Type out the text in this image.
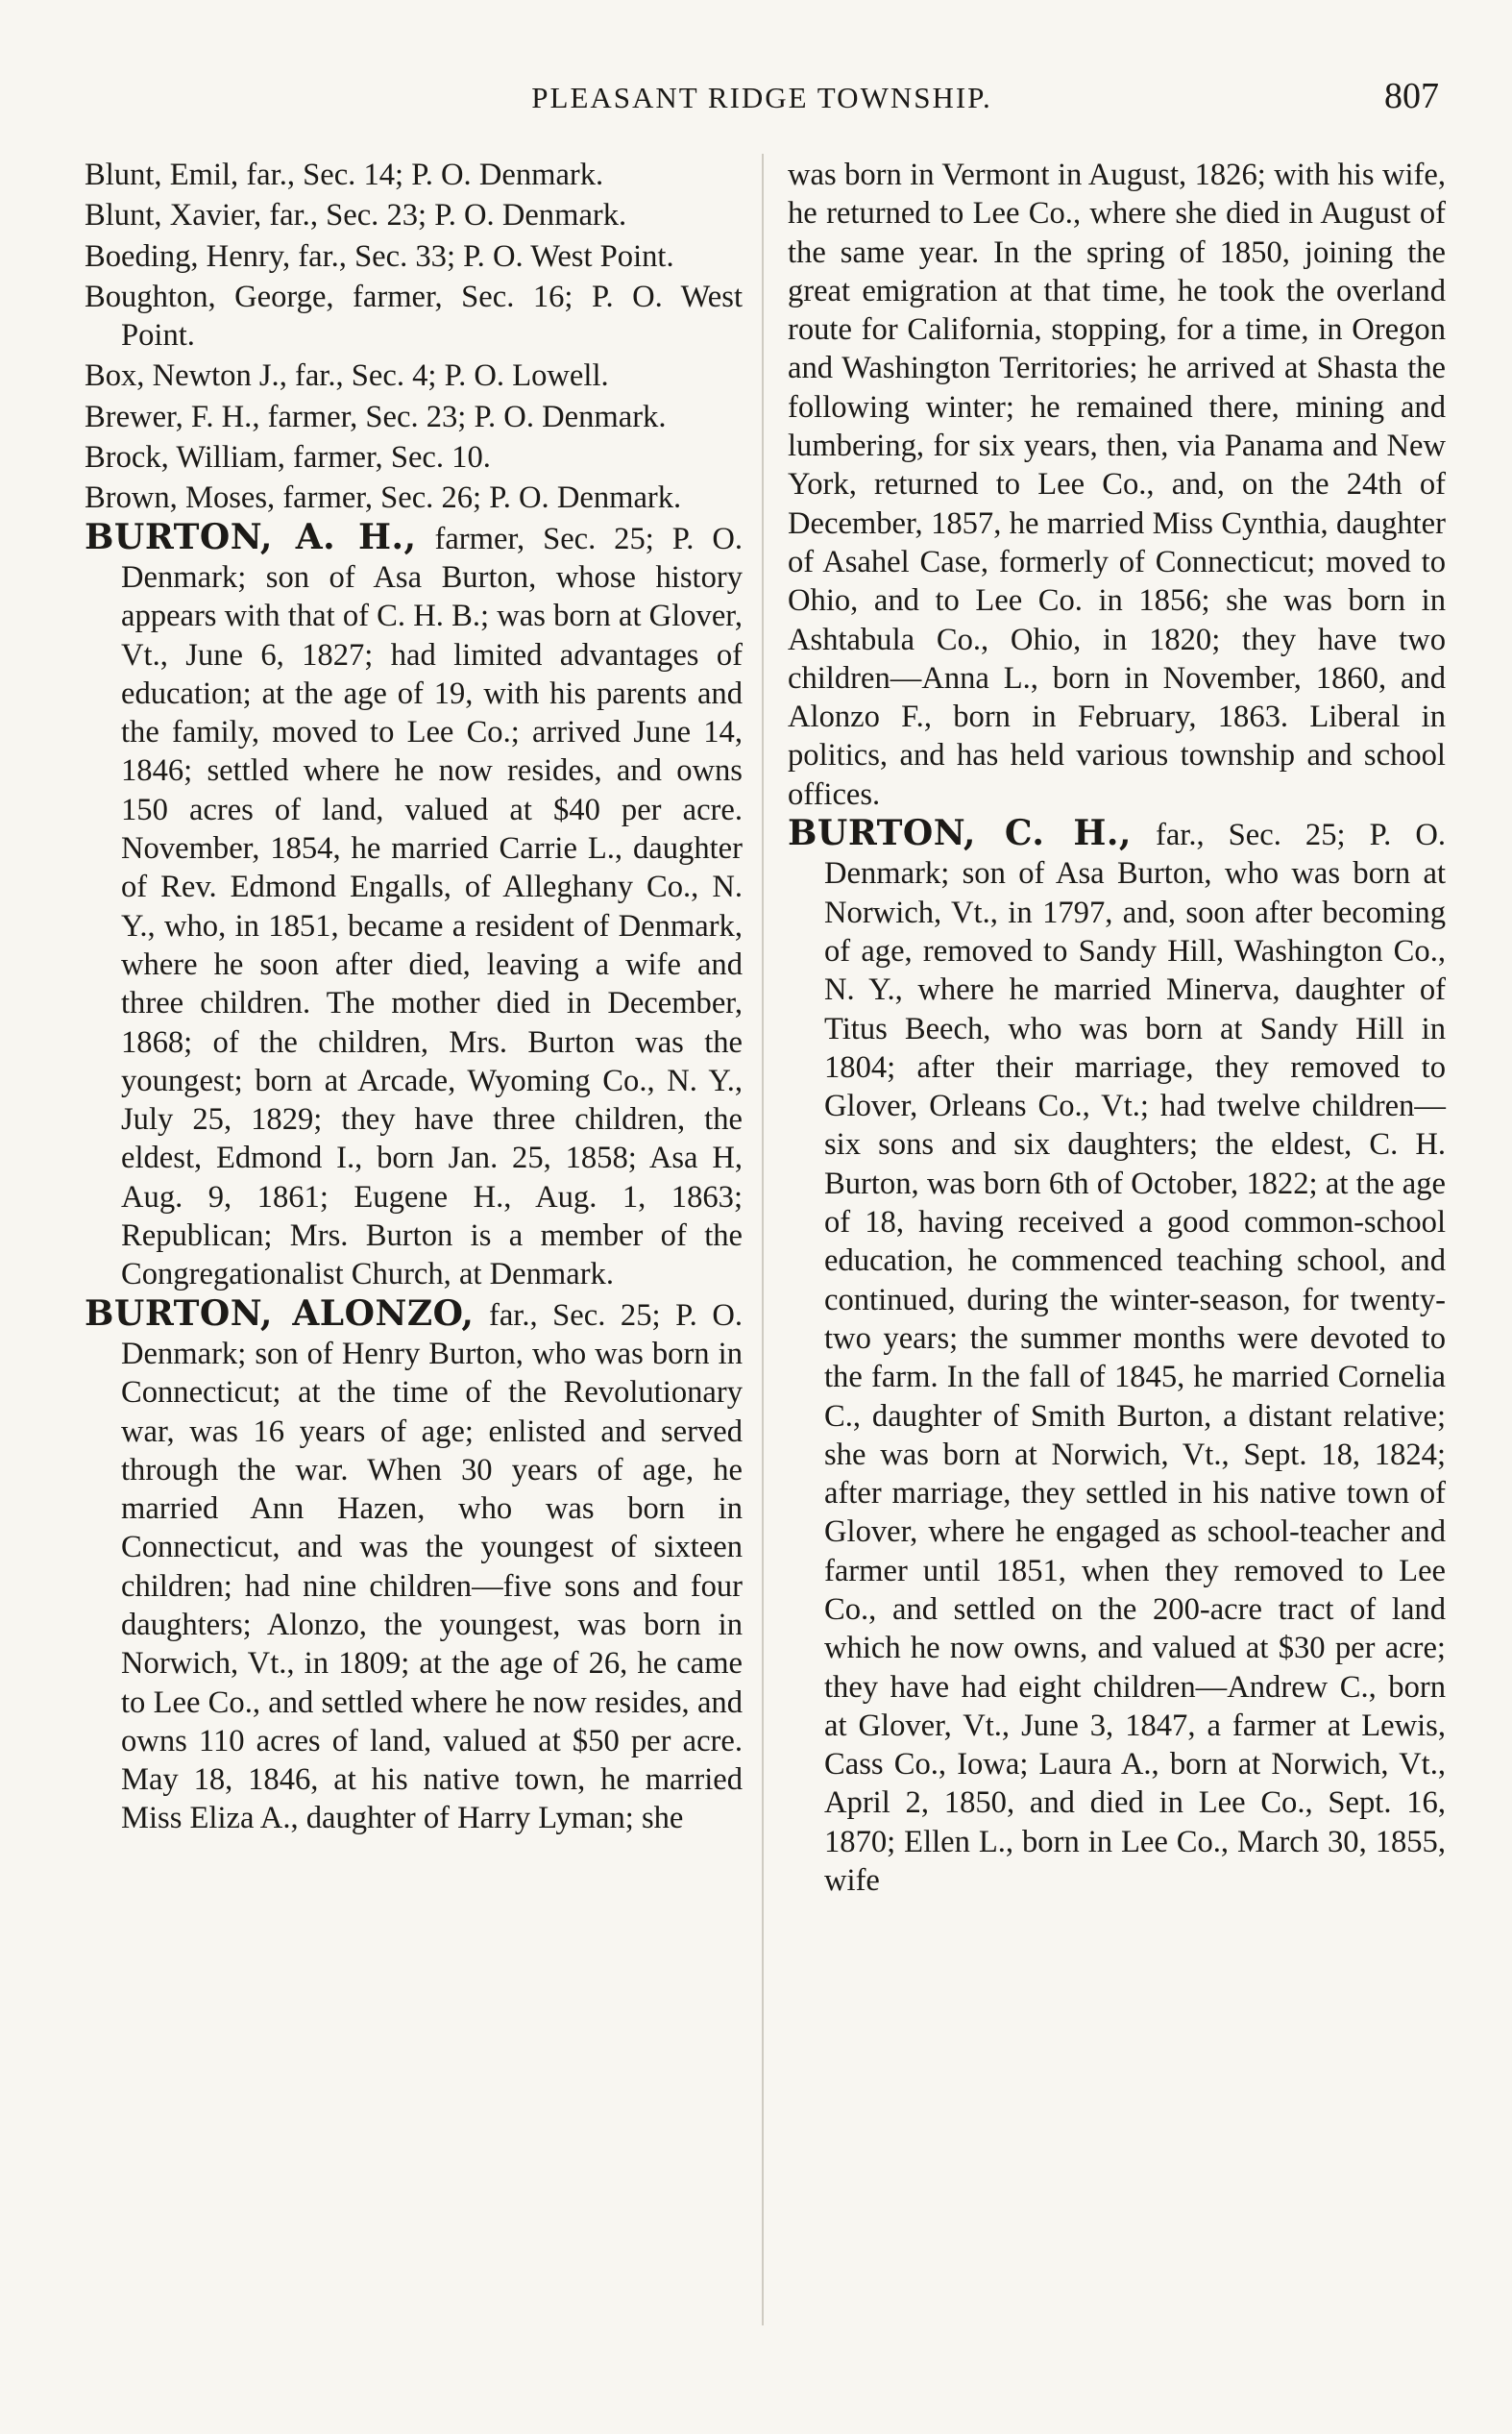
PLEASANT RIDGE TOWNSHIP.	807

Blunt, Emil, far., Sec. 14; P. O. Denmark.

Blunt, Xavier, far., Sec. 23; P. O. Denmark.

Boeding, Henry, far., Sec. 33; P. O. West Point.

Boughton, George, farmer, Sec. 16; P. O. West Point.

Box, Newton J., far., Sec. 4; P. O. Lowell.

Brewer, F. H., farmer, Sec. 23; P. O. Denmark.

Brock, William, farmer, Sec. 10.

Brown, Moses, farmer, Sec. 26; P. O. Denmark.

BURTON, A. H., farmer, Sec. 25; P. O. Denmark; son of Asa Burton, whose history appears with that of C. H. B.; was born at Glover, Vt., June 6, 1827; had limited advantages of education; at the age of 19, with his parents and the family, moved to Lee Co.; arrived June 14, 1846; settled where he now resides, and owns 150 acres of land, valued at $40 per acre. November, 1854, he married Carrie L., daughter of Rev. Edmond Engalls, of Alleghany Co., N. Y., who, in 1851, became a resident of Denmark, where he soon after died, leaving a wife and three children. The mother died in December, 1868; of the children, Mrs. Burton was the youngest; born at Arcade, Wyoming Co., N. Y., July 25, 1829; they have three children, the eldest, Edmond I., born Jan. 25, 1858; Asa H, Aug. 9, 1861; Eugene H., Aug. 1, 1863; Republican; Mrs. Burton is a member of the Congregationalist Church, at Denmark.

BURTON, ALONZO, far., Sec. 25; P. O. Denmark; son of Henry Burton, who was born in Connecticut; at the time of the Revolutionary war, was 16 years of age; enlisted and served through the war. When 30 years of age, he married Ann Hazen, who was born in Connecticut, and was the youngest of sixteen children; had nine children—five sons and four daughters; Alonzo, the youngest, was born in Norwich, Vt., in 1809; at the age of 26, he came to Lee Co., and settled where he now resides, and owns 110 acres of land, valued at $50 per acre. May 18, 1846, at his native town, he married Miss Eliza A., daughter of Harry Lyman; she

was born in Vermont in August, 1826; with his wife, he returned to Lee Co., where she died in August of the same year. In the spring of 1850, joining the great emigration at that time, he took the overland route for California, stopping, for a time, in Oregon and Washington Territories; he arrived at Shasta the following winter; he remained there, mining and lumbering, for six years, then, via Panama and New York, returned to Lee Co., and, on the 24th of December, 1857, he married Miss Cynthia, daughter of Asahel Case, formerly of Connecticut; moved to Ohio, and to Lee Co. in 1856; she was born in Ashtabula Co., Ohio, in 1820; they have two children—Anna L., born in November, 1860, and Alonzo F., born in February, 1863. Liberal in politics, and has held various township and school offices.

BURTON, C. H., far., Sec. 25; P. O. Denmark; son of Asa Burton, who was born at Norwich, Vt., in 1797, and, soon after becoming of age, removed to Sandy Hill, Washington Co., N. Y., where he married Minerva, daughter of Titus Beech, who was born at Sandy Hill in 1804; after their marriage, they removed to Glover, Orleans Co., Vt.; had twelve children—six sons and six daughters; the eldest, C. H. Burton, was born 6th of October, 1822; at the age of 18, having received a good common-school education, he commenced teaching school, and continued, during the winter-season, for twenty-two years; the summer months were devoted to the farm. In the fall of 1845, he married Cornelia C., daughter of Smith Burton, a distant relative; she was born at Norwich, Vt., Sept. 18, 1824; after marriage, they settled in his native town of Glover, where he engaged as school-teacher and farmer until 1851, when they removed to Lee Co., and settled on the 200-acre tract of land which he now owns, and valued at $30 per acre; they have had eight children—Andrew C., born at Glover, Vt., June 3, 1847, a farmer at Lewis, Cass Co., Iowa; Laura A., born at Norwich, Vt., April 2, 1850, and died in Lee Co., Sept. 16, 1870; Ellen L., born in Lee Co., March 30, 1855, wife
